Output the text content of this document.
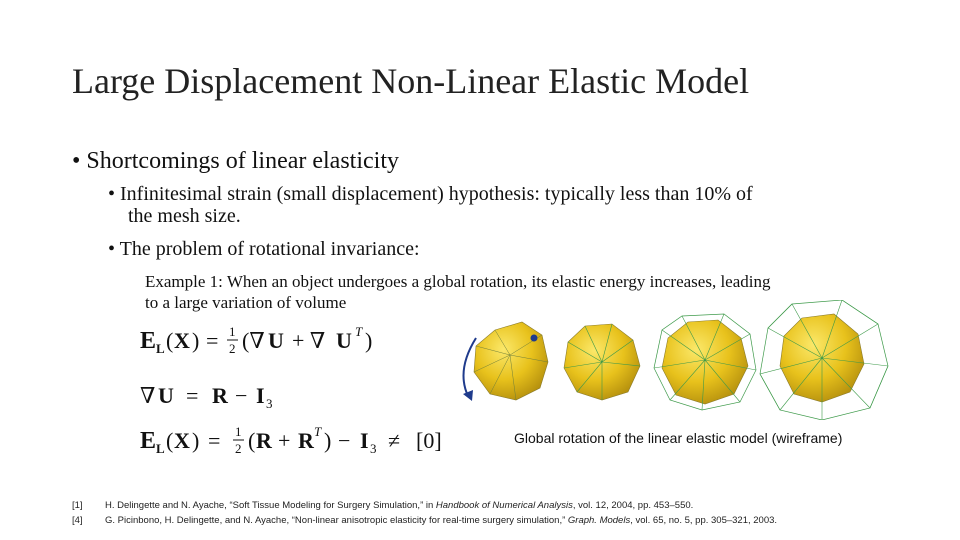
Large Displacement Non-Linear Elastic Model
• Shortcomings of linear elasticity
• Infinitesimal strain (small displacement) hypothesis: typically less than 10% of
the mesh size.
• The problem of rotational invariance:
Example 1: When an object undergoes a global rotation, its elastic energy increases, leading
to a large variation of volume
E L ( X ) = 1
2 (∇ U + ∇ U T )
∇ U = R − I 3
E L ( X ) = 1
2 ( R + R T ) − I 3 ≠ [0]	Global rotation of the linear elastic model (wireframe)
[1]	H. Delingette and N. Ayache, “Soft Tissue Modeling for Surgery Simulation,” in Handbook of Numerical Analysis, vol. 12, 2004, pp. 453–550.
[4]	G. Picinbono, H. Delingette, and N. Ayache, “Non-linear anisotropic elasticity for real-time surgery simulation,” Graph. Models, vol. 65, no. 5, pp. 305–321, 2003.
